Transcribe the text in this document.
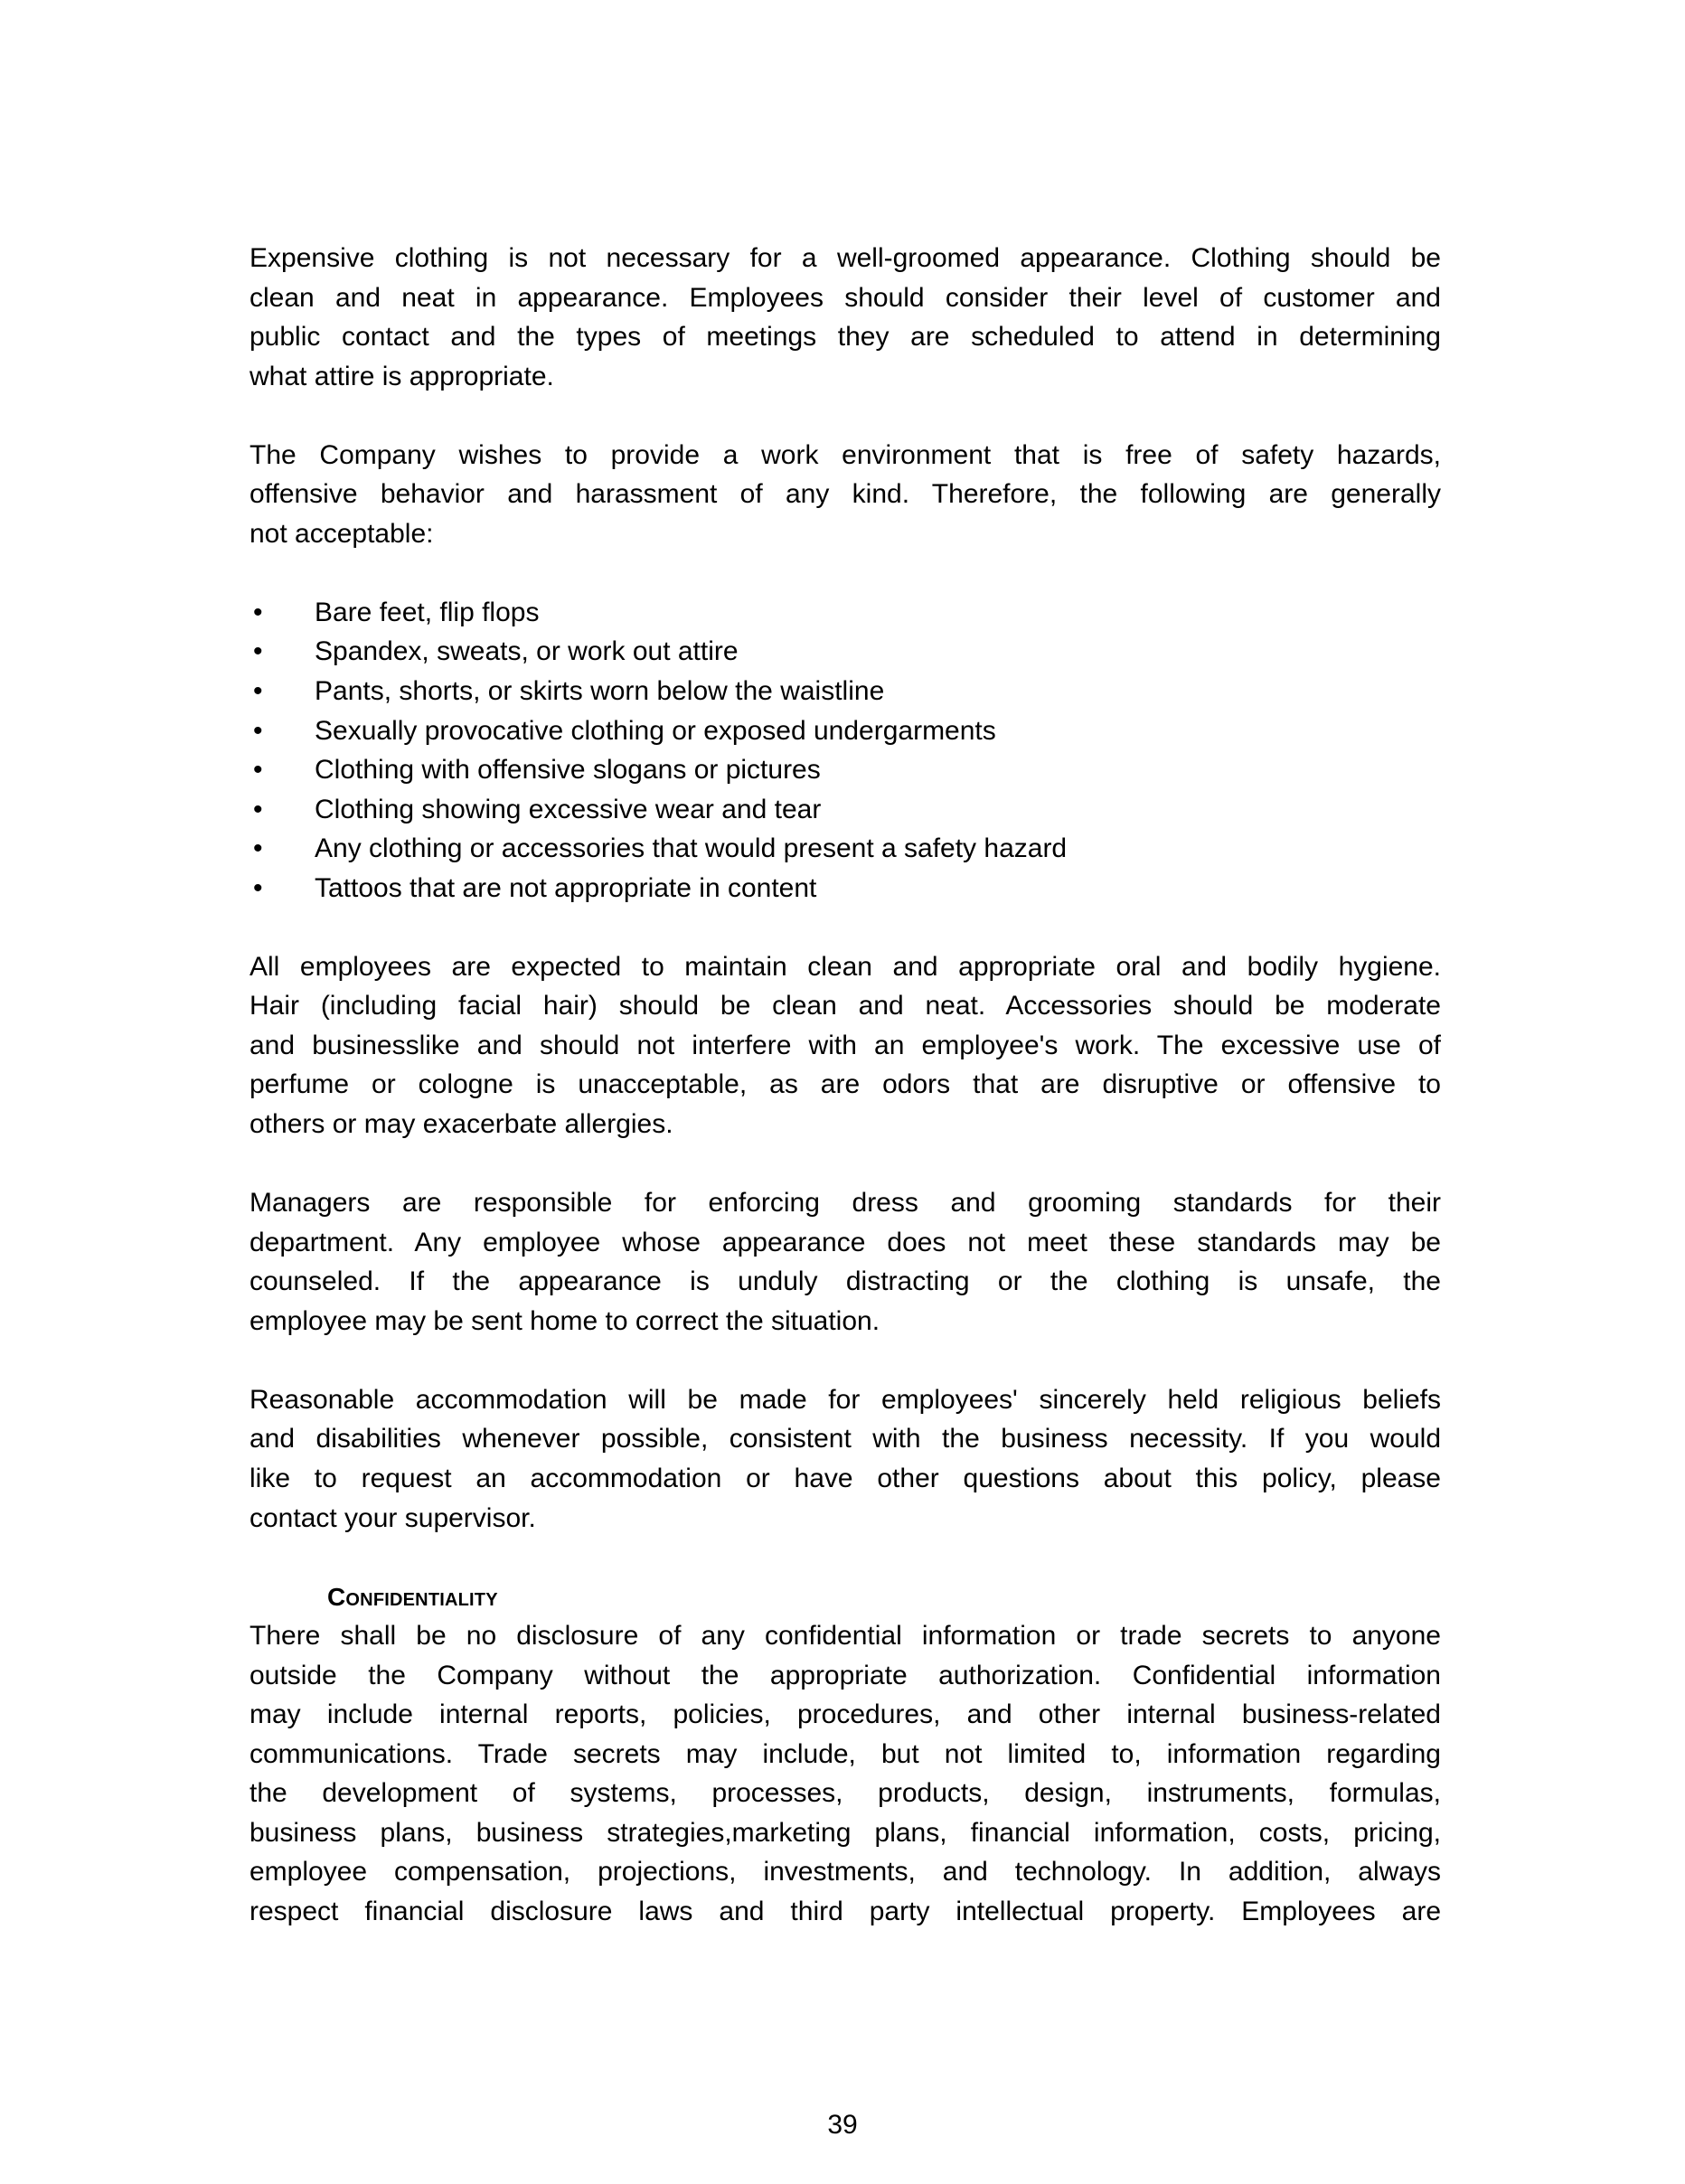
Expensive clothing is not necessary for a well-groomed appearance. Clothing should be
clean and neat in appearance. Employees should consider their level of customer and
public contact and the types of meetings they are scheduled to attend in determining
what attire is appropriate.
The Company wishes to provide a work environment that is free of safety hazards,
offensive behavior and harassment of any kind. Therefore, the following are generally
not acceptable:
• Bare feet, flip flops
• Spandex, sweats, or work out attire
• Pants, shorts, or skirts worn below the waistline
• Sexually provocative clothing or exposed undergarments
• Clothing with offensive slogans or pictures
• Clothing showing excessive wear and tear
• Any clothing or accessories that would present a safety hazard
• Tattoos that are not appropriate in content
All employees are expected to maintain clean and appropriate oral and bodily hygiene.
Hair (including facial hair) should be clean and neat. Accessories should be moderate
and businesslike and should not interfere with an employee's work. The excessive use of
perfume or cologne is unacceptable, as are odors that are disruptive or offensive to
others or may exacerbate allergies.
Managers are responsible for enforcing dress and grooming standards for their
department. Any employee whose appearance does not meet these standards may be
counseled. If the appearance is unduly distracting or the clothing is unsafe, the
employee may be sent home to correct the situation.
Reasonable accommodation will be made for employees' sincerely held religious beliefs
and disabilities whenever possible, consistent with the business necessity. If you would
like to request an accommodation or have other questions about this policy, please
contact your supervisor.
Confidentiality
There shall be no disclosure of any confidential information or trade secrets to anyone
outside the Company without the appropriate authorization. Confidential information
may include internal reports, policies, procedures, and other internal business-related
communications. Trade secrets may include, but not limited to, information regarding
the development of systems, processes, products, design, instruments, formulas,
business plans, business strategies,marketing plans, financial information, costs, pricing,
employee compensation, projections, investments, and technology. In addition, always
respect financial disclosure laws and third party intellectual property. Employees are
39
